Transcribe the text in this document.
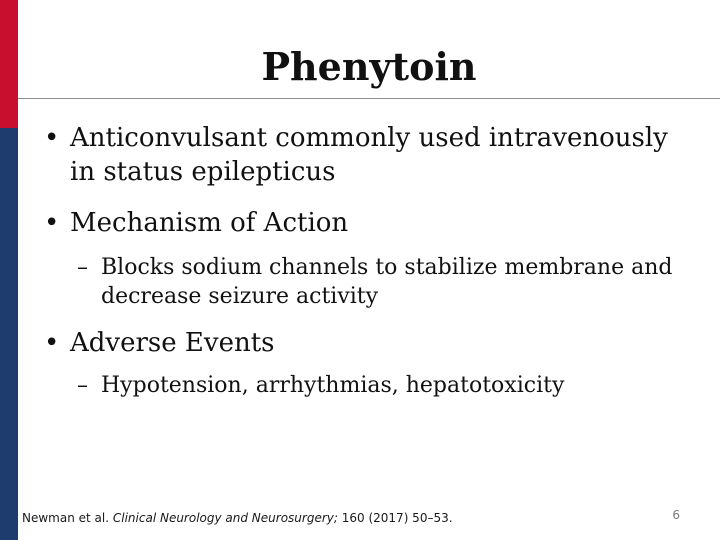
Phenytoin
• Anticonvulsant commonly used intravenously in status epilepticus
• Mechanism of Action
– Blocks sodium channels to stabilize membrane and decrease seizure activity
• Adverse Events
– Hypotension, arrhythmias, hepatotoxicity
Newman et al. Clinical Neurology and Neurosurgery; 160 (2017) 50–53.	6
